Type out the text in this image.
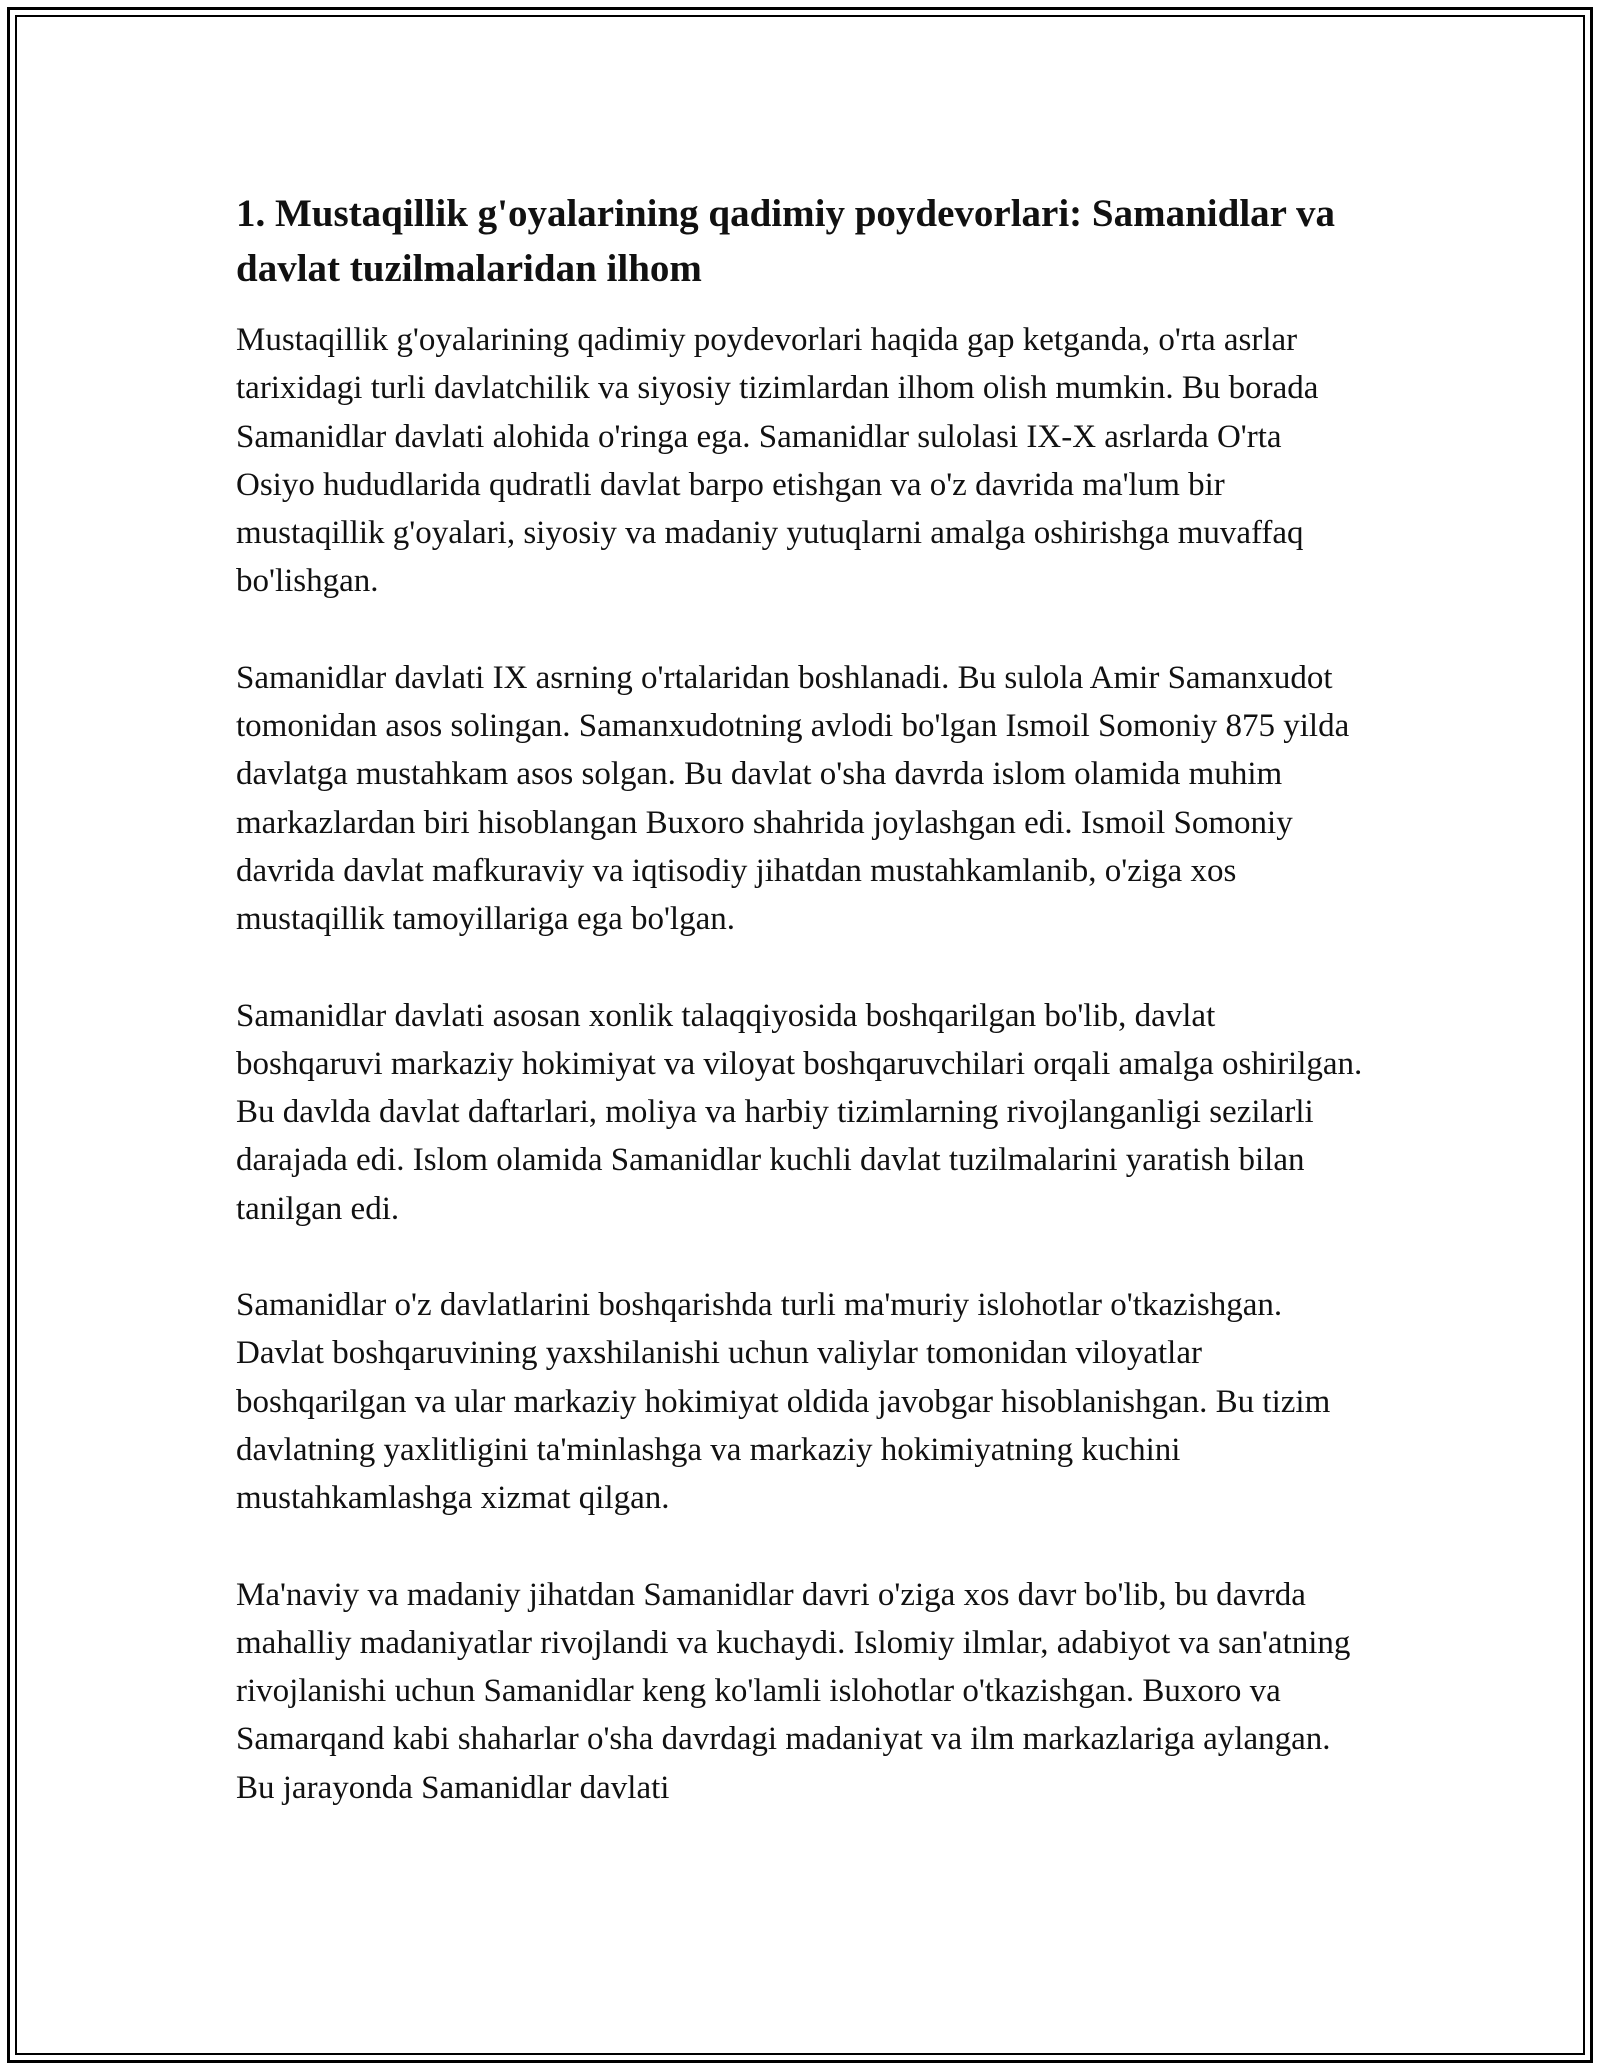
1. Mustaqillik g'oyalarining qadimiy poydevorlari: Samanidlar va davlat tuzilmalaridan ilhom

Mustaqillik g'oyalarining qadimiy poydevorlari haqida gap ketganda, o'rta asrlar tarixidagi turli davlatchilik va siyosiy tizimlardan ilhom olish mumkin. Bu borada Samanidlar davlati alohida o'ringa ega. Samanidlar sulolasi IX-X asrlarda O'rta Osiyo hududlarida qudratli davlat barpo etishgan va o'z davrida ma'lum bir mustaqillik g'oyalari, siyosiy va madaniy yutuqlarni amalga oshirishga muvaffaq bo'lishgan.

Samanidlar davlati IX asrning o'rtalaridan boshlanadi. Bu sulola Amir Samanxudot tomonidan asos solingan. Samanxudotning avlodi bo'lgan Ismoil Somoniy 875 yilda davlatga mustahkam asos solgan. Bu davlat o'sha davrda islom olamida muhim markazlardan biri hisoblangan Buxoro shahrida joylashgan edi. Ismoil Somoniy davrida davlat mafkuraviy va iqtisodiy jihatdan mustahkamlanib, o'ziga xos mustaqillik tamoyillariga ega bo'lgan.

Samanidlar davlati asosan xonlik talaqqiyosida boshqarilgan bo'lib, davlat boshqaruvi markaziy hokimiyat va viloyat boshqaruvchilari orqali amalga oshirilgan. Bu davlda davlat daftarlari, moliya va harbiy tizimlarning rivojlanganligi sezilarli darajada edi. Islom olamida Samanidlar kuchli davlat tuzilmalarini yaratish bilan tanilgan edi.

Samanidlar o'z davlatlarini boshqarishda turli ma'muriy islohotlar o'tkazishgan. Davlat boshqaruvining yaxshilanishi uchun valiylar tomonidan viloyatlar boshqarilgan va ular markaziy hokimiyat oldida javobgar hisoblanishgan. Bu tizim davlatning yaxlitligini ta'minlashga va markaziy hokimiyatning kuchini mustahkamlashga xizmat qilgan.

Ma'naviy va madaniy jihatdan Samanidlar davri o'ziga xos davr bo'lib, bu davrda mahalliy madaniyatlar rivojlandi va kuchaydi. Islomiy ilmlar, adabiyot va san'atning rivojlanishi uchun Samanidlar keng ko'lamli islohotlar o'tkazishgan. Buxoro va Samarqand kabi shaharlar o'sha davrdagi madaniyat va ilm markazlariga aylangan. Bu jarayonda Samanidlar davlati
